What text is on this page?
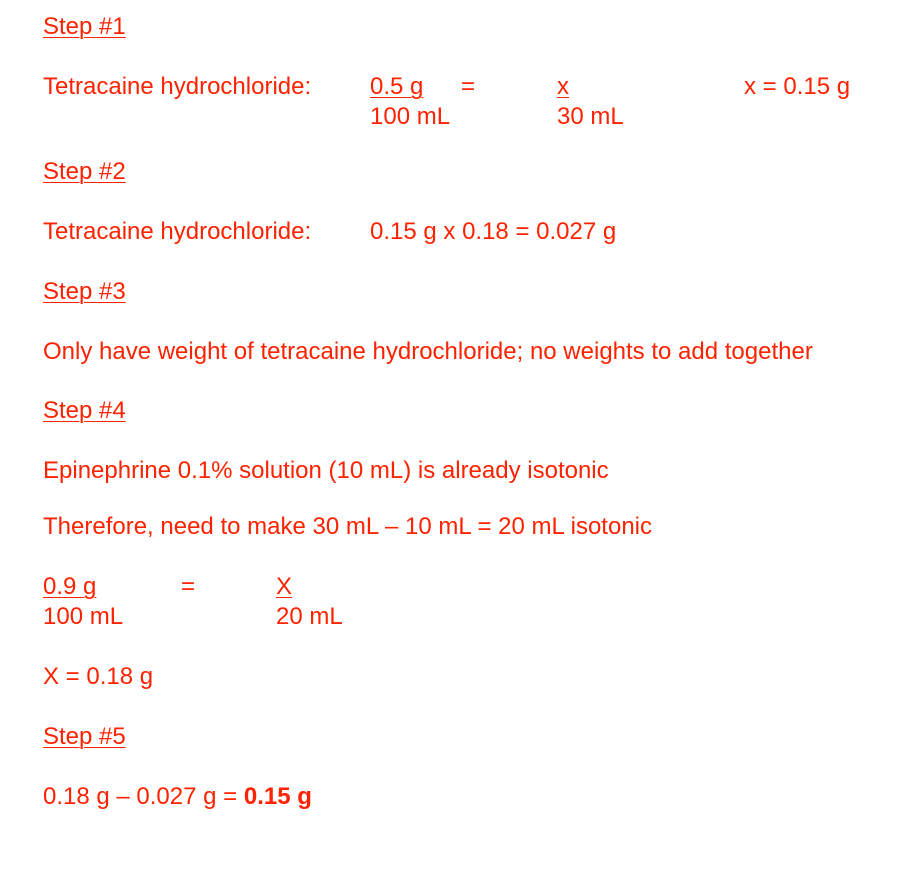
Step #1
Tetracaine hydrochloride: 0.5 g
100 mL
=	x
30 mL
x = 0.15 g
Step #2
Tetracaine hydrochloride: 0.15 g x 0.18 = 0.027 g
Step #3
Only have weight of tetracaine hydrochloride; no weights to add together
Step #4
Epinephrine 0.1% solution (10 mL) is already isotonic
Therefore, need to make 30 mL – 10 mL = 20 mL isotonic
0.9 g
100 mL
=	X
20 mL
X = 0.18 g
Step #5
0.18 g – 0.027 g = 0.15 g
